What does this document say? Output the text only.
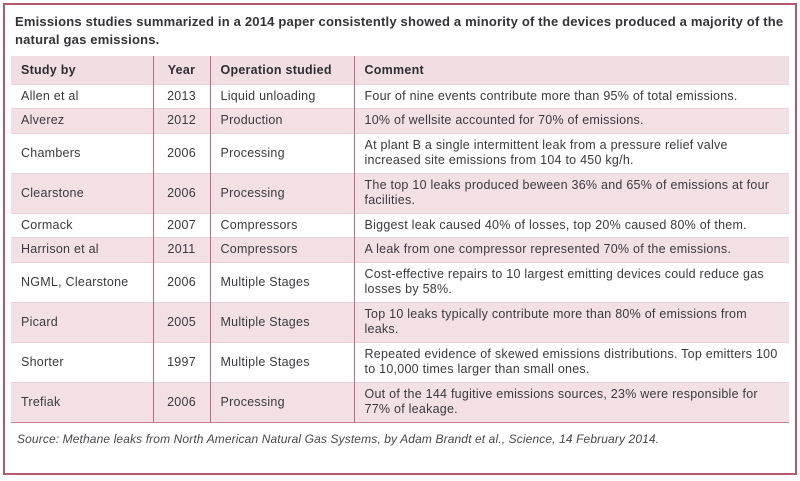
Emissions studies summarized in a 2014 paper consistently showed a minority of the devices produced a majority of the natural gas emissions.

Study by	Year	Operation studied	Comment
Allen et al	2013	Liquid unloading	Four of nine events contribute more than 95% of total emissions.
Alverez	2012	Production	10% of wellsite accounted for 70% of emissions.
Chambers	2006	Processing	At plant B a single intermittent leak from a pressure relief valve increased site emissions from 104 to 450 kg/h.
Clearstone	2006	Processing	The top 10 leaks produced beween 36% and 65% of emissions at four facilities.
Cormack	2007	Compressors	Biggest leak caused 40% of losses, top 20% caused 80% of them.
Harrison et al	2011	Compressors	A leak from one compressor represented 70% of the emissions.
NGML, Clearstone	2006	Multiple Stages	Cost-effective repairs to 10 largest emitting devices could reduce gas losses by 58%.
Picard	2005	Multiple Stages	Top 10 leaks typically contribute more than 80% of emissions from leaks.
Shorter	1997	Multiple Stages	Repeated evidence of skewed emissions distributions. Top emitters 100 to 10,000 times larger than small ones.
Trefiak	2006	Processing	Out of the 144 fugitive emissions sources, 23% were responsible for 77% of leakage.
Source: Methane leaks from North American Natural Gas Systems, by Adam Brandt et al., Science, 14 February 2014.
